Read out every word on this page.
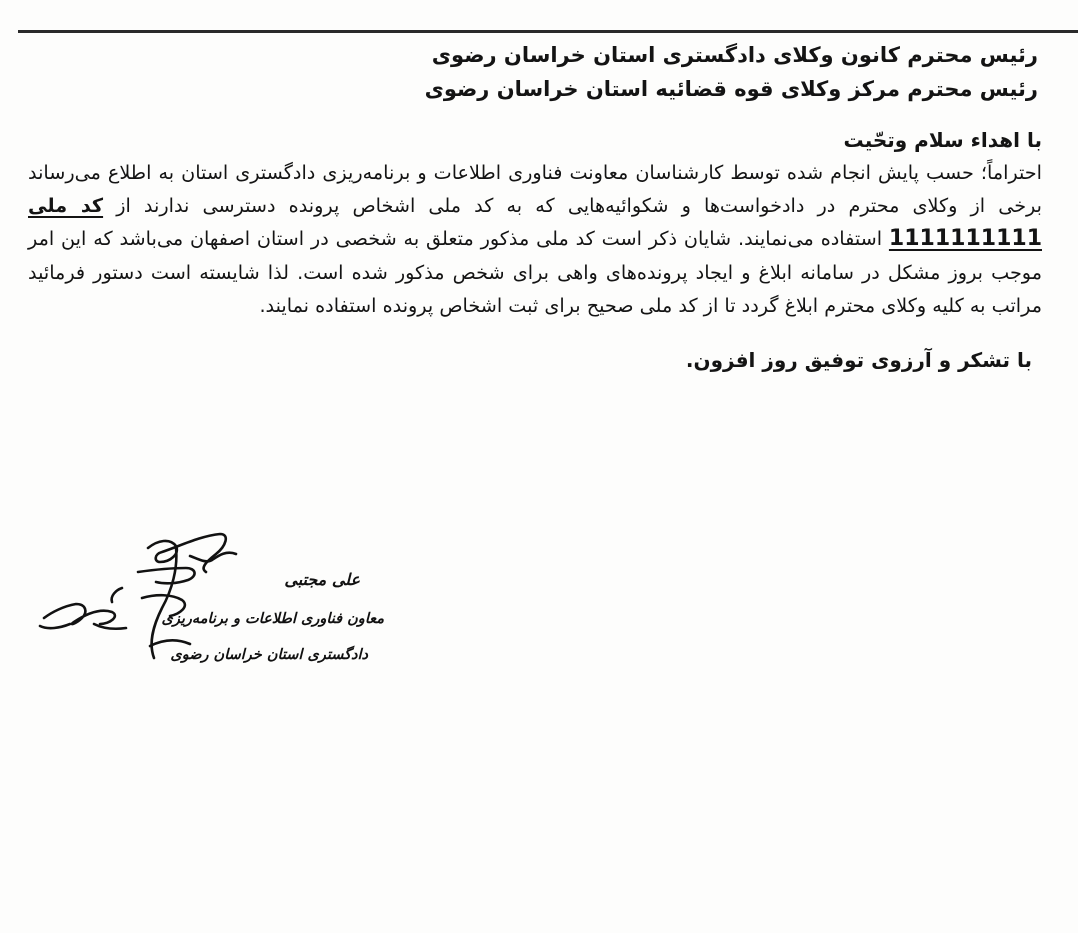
رئیس محترم کانون وکلای دادگستری استان خراسان رضوی
رئیس محترم مرکز وکلای قوه قضائیه استان خراسان رضوی
با اهداء سلام وتحّیت

احتراماً؛ حسب پایش انجام شده توسط کارشناسان معاونت فناوری اطلاعات و برنامه‌ریزی دادگستری استان به اطلاع می‌رساند برخی از وکلای محترم در دادخواست‌ها و شکوائیه‌هایی که به کد ملی اشخاص پرونده دسترسی ندارند از کد ملی 1111111111 استفاده می‌نمایند. شایان ذکر است کد ملی مذکور متعلق به شخصی در استان اصفهان می‌باشد که این امر موجب بروز مشکل در سامانه ابلاغ و ایجاد پرونده‌های واهی برای شخص مذکور شده است. لذا شایسته است دستور فرمائید مراتب به کلیه وکلای محترم ابلاغ گردد تا از کد ملی صحیح برای ثبت اشخاص پرونده استفاده نمایند.

با تشکر و آرزوی توفیق روز افزون.
علی مجتبی
معاون فناوری اطلاعات و برنامه‌ریزی
دادگستری استان خراسان رضوی
